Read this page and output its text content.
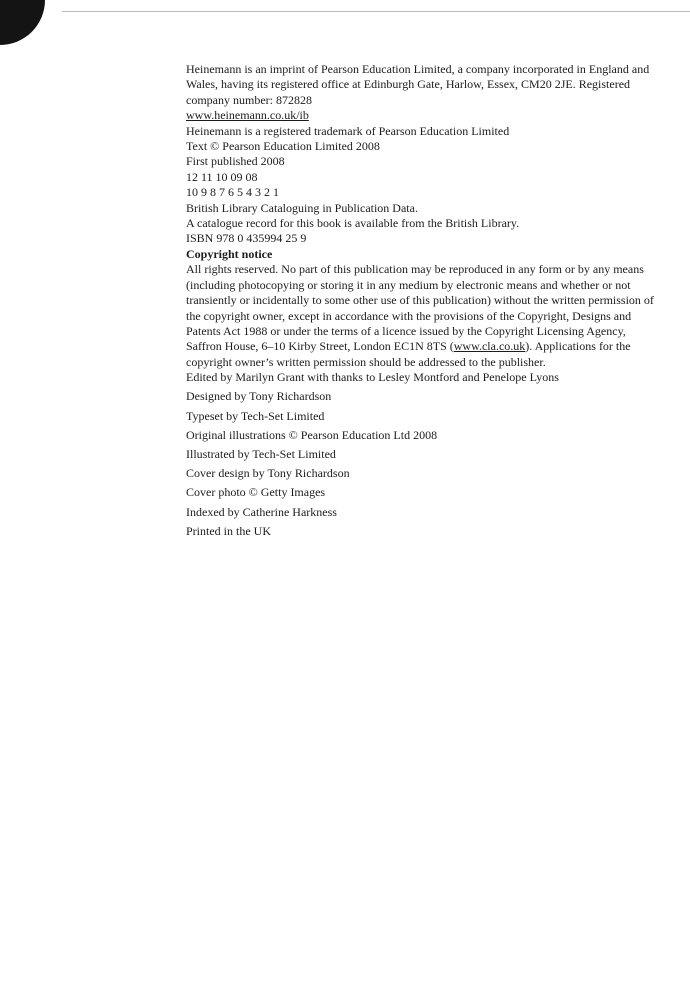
Heinemann is an imprint of Pearson Education Limited, a company incorporated in England and Wales, having its registered office at Edinburgh Gate, Harlow, Essex, CM20 2JE. Registered company number: 872828

www.heinemann.co.uk/ib

Heinemann is a registered trademark of Pearson Education Limited

Text © Pearson Education Limited 2008

First published 2008

12 11 10 09 08

10 9 8 7 6 5 4 3 2 1

British Library Cataloguing in Publication Data.

A catalogue record for this book is available from the British Library.

ISBN 978 0 435994 25 9

Copyright notice

All rights reserved. No part of this publication may be reproduced in any form or by any means (including photocopying or storing it in any medium by electronic means and whether or not transiently or incidentally to some other use of this publication) without the written permission of the copyright owner, except in accordance with the provisions of the Copyright, Designs and Patents Act 1988 or under the terms of a licence issued by the Copyright Licensing Agency, Saffron House, 6–10 Kirby Street, London EC1N 8TS (www.cla.co.uk). Applications for the copyright owner’s written permission should be addressed to the publisher.

Edited by Marilyn Grant with thanks to Lesley Montford and Penelope Lyons

Designed by Tony Richardson

Typeset by Tech-Set Limited

Original illustrations © Pearson Education Ltd 2008

Illustrated by Tech-Set Limited

Cover design by Tony Richardson

Cover photo © Getty Images

Indexed by Catherine Harkness

Printed in the UK
